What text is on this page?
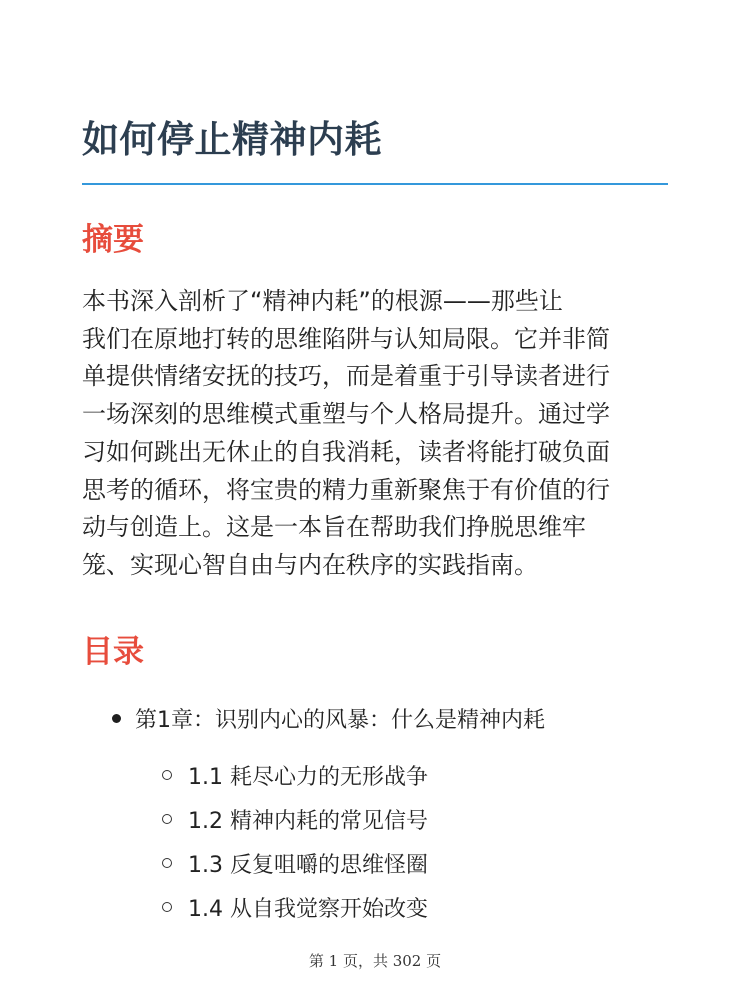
如何停止精神内耗
摘要
本书深入剖析了“精神内耗”的根源——那些让
我们在原地打转的思维陷阱与认知局限。它并非简
单提供情绪安抚的技巧，而是着重于引导读者进行
一场深刻的思维模式重塑与个人格局提升。通过学
习如何跳出无休止的自我消耗，读者将能打破负面
思考的循环，将宝贵的精力重新聚焦于有价值的行
动与创造上。这是一本旨在帮助我们挣脱思维牢
笼、实现心智自由与内在秩序的实践指南。
目录
第1章：识别内心的风暴：什么是精神内耗
1.1 耗尽心力的无形战争
1.2 精神内耗的常见信号
1.3 反复咀嚼的思维怪圈
1.4 从自我觉察开始改变
第 1 页，共 302 页
